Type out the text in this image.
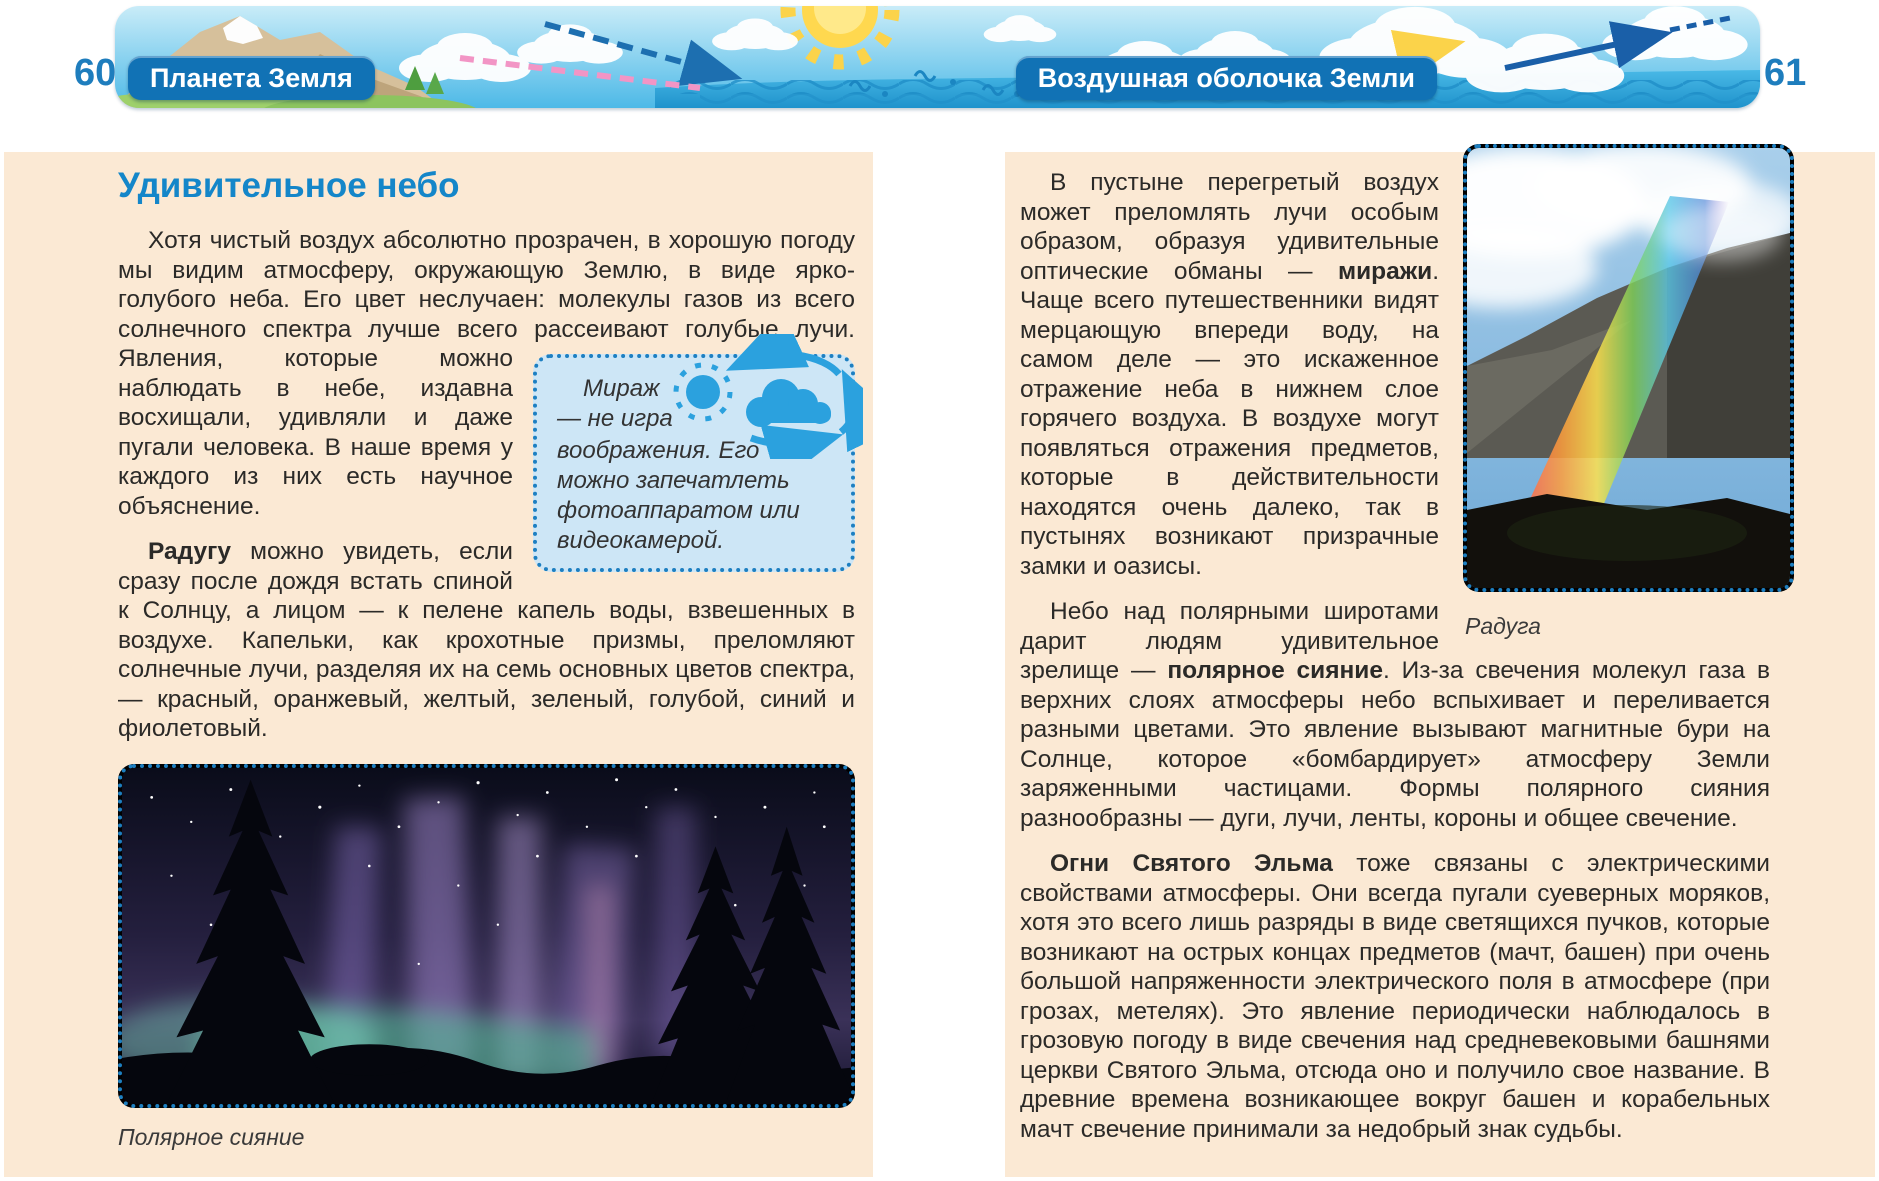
60	61
Планета Земля	Воздушная оболочка Земли
Удивительное небо

Хотя чистый воздух абсолютно прозрачен, в хорошую погоду мы видим атмосферу, окружающую Землю, в виде ярко-голубого неба. Его цвет неслучаен: молекулы газов из всего солнечного спектра лучше всего рассеивают голубые лучи.
Мираж — не игра воображения. Его можно запечатлеть фотоаппаратом или видеокамерой.
Явления, которые можно наблюдать в небе, издавна восхищали, удивляли и даже пугали человека. В наше время у каждого из них есть научное объяснение.

Радугу можно увидеть, если сразу после дождя встать спиной к Солнцу, а лицом — к пелене капель воды, взвешенных в воздухе. Капельки, как крохотные призмы, преломляют солнечные лучи, разделяя их на семь основных цветов спектра, — красный, оранжевый, желтый, зеленый, голубой, синий и фиолетовый.

Полярное сияние

Радуга
В пустыне перегретый воздух может преломлять лучи особым образом, образуя удивительные оптические обманы — миражи. Чаще всего путешественники видят мерцающую впереди воду, на самом деле — это искаженное отражение неба в нижнем слое горячего воздуха. В воздухе могут появляться отражения предметов, которые в действительности находятся очень далеко, так в пустынях возникают призрачные замки и оазисы.

Небо над полярными широтами дарит людям удивительное зрелище — полярное сияние. Из-за свечения молекул газа в верхних слоях атмосферы небо вспыхивает и переливается разными цветами. Это явление вызывают магнитные бури на Солнце, которое «бомбардирует» атмосферу Земли заряженными частицами. Формы полярного сияния разнообразны — дуги, лучи, ленты, короны и общее свечение.

Огни Святого Эльма тоже связаны с электрическими свойствами атмосферы. Они всегда пугали суеверных моряков, хотя это всего лишь разряды в виде светящихся пучков, которые возникают на острых концах предметов (мачт, башен) при очень большой напряженности электрического поля в атмосфере (при грозах, метелях). Это явление периодически наблюдалось в грозовую погоду в виде свечения над средневековыми башнями церкви Святого Эльма, отсюда оно и получило свое название. В древние времена возникающее вокруг башен и корабельных мачт свечение принимали за недобрый знак судьбы.
